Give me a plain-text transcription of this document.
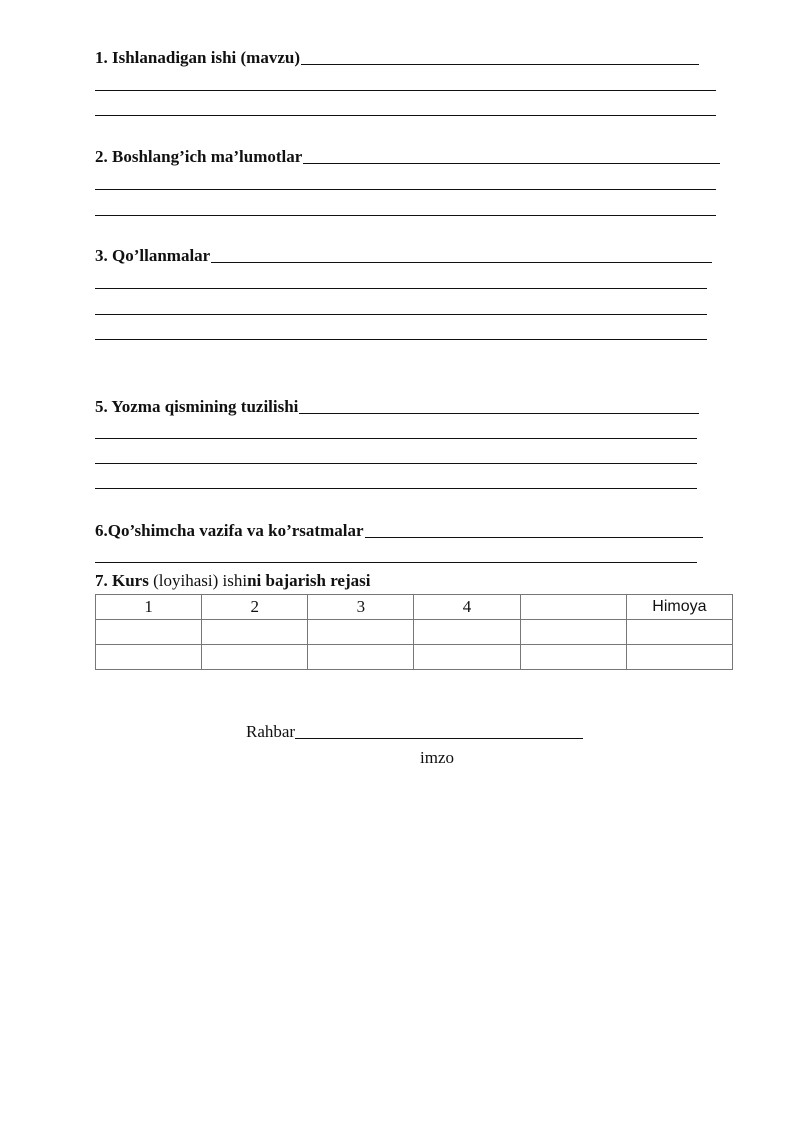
1. Ishlanadigan ishi (mavzu)
2. Boshlang’ich ma’lumotlar
3. Qo’llanmalar
5. Yozma qismining tuzilishi
6.Qo’shimcha vazifa va ko’rsatmalar
7. Kurs (loyihasi) ishi ni bajarish rejasi
1	2	3	4		Himoya

Rahbar
imzo
